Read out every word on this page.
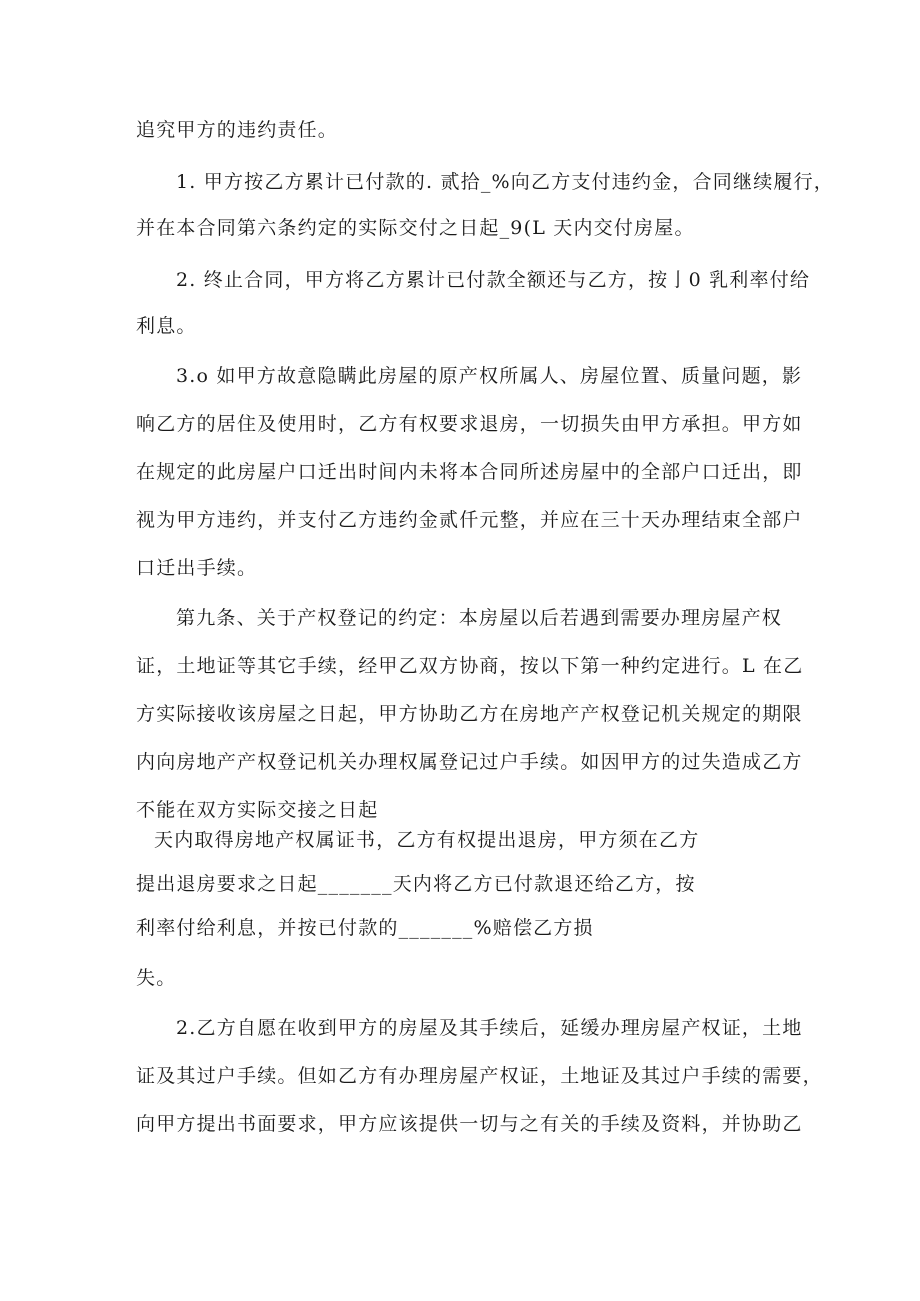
追究甲方的违约责任。
1. 甲方按乙方累计已付款的. 贰拾_%向乙方支付违约金，合同继续履行，
并在本合同第六条约定的实际交付之日起_9(L 天内交付房屋。
2. 终止合同，甲方将乙方累计已付款全额还与乙方，按亅0 乳利率付给
利息。
3.o 如甲方故意隐瞒此房屋的原产权所属人、房屋位置、质量问题，影
响乙方的居住及使用时，乙方有权要求退房，一切损失由甲方承担。甲方如
在规定的此房屋户口迁出时间内未将本合同所述房屋中的全部户口迁出，即
视为甲方违约，并支付乙方违约金贰仟元整，并应在三十天办理结束全部户
口迁出手续。
第九条、关于产权登记的约定：本房屋以后若遇到需要办理房屋产权
证，土地证等其它手续，经甲乙双方协商，按以下第一种约定进行。L 在乙
方实际接收该房屋之日起，甲方协助乙方在房地产产权登记机关规定的期限
内向房地产产权登记机关办理权属登记过户手续。如因甲方的过失造成乙方
不能在双方实际交接之日起
天内取得房地产权属证书，乙方有权提出退房，甲方须在乙方
提出退房要求之日起_______天内将乙方已付款退还给乙方，按
利率付给利息，并按已付款的_______%赔偿乙方损
失。
2.乙方自愿在收到甲方的房屋及其手续后，延缓办理房屋产权证，土地
证及其过户手续。但如乙方有办理房屋产权证，土地证及其过户手续的需要，
向甲方提出书面要求，甲方应该提供一切与之有关的手续及资料，并协助乙
